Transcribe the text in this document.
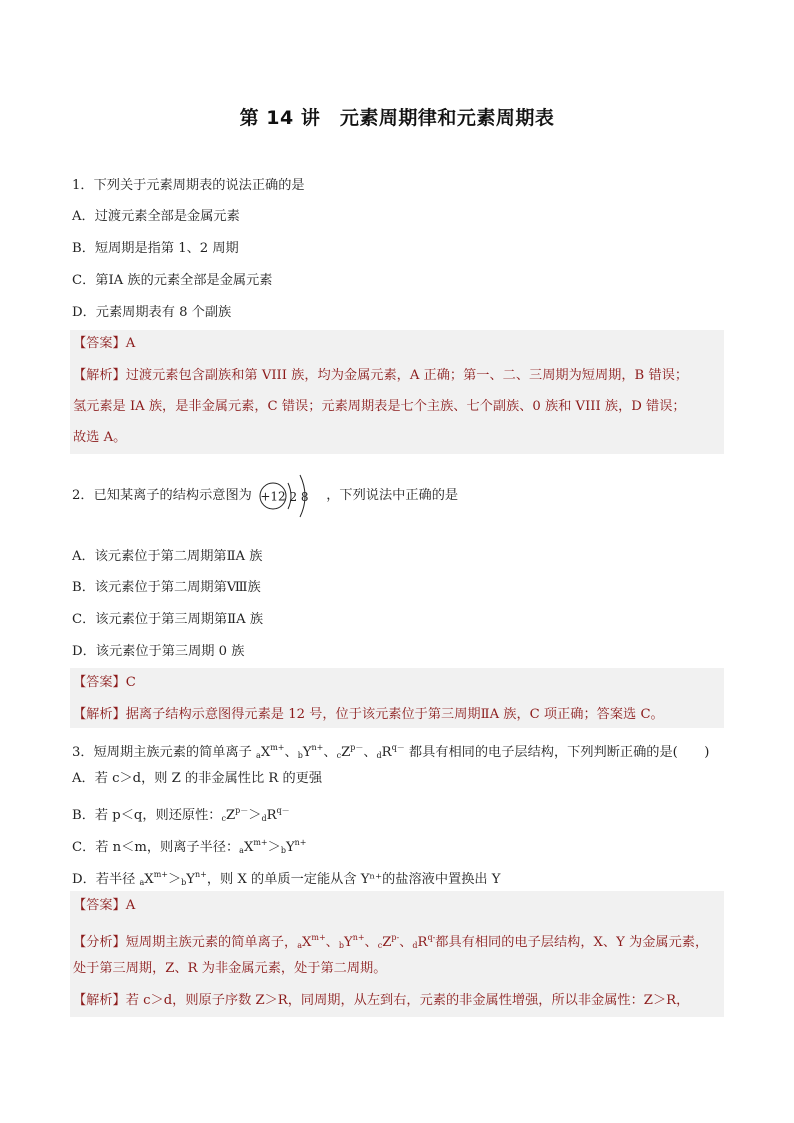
第 14 讲　元素周期律和元素周期表
1．下列关于元素周期表的说法正确的是
A．过渡元素全部是金属元素
B．短周期是指第 1、2 周期
C．第ⅠA 族的元素全部是金属元素
D．元素周期表有 8 个副族
【答案】A
【解析】过渡元素包含副族和第 VIII 族，均为金属元素，A 正确；第一、二、三周期为短周期，B 错误；
氢元素是 IA 族，是非金属元素，C 错误；元素周期表是七个主族、七个副族、0 族和 VIII 族，D 错误；
故选 A。
2．已知某离子的结构示意图为 +12 2 8 ，下列说法中正确的是
A．该元素位于第二周期第ⅡA 族
B．该元素位于第二周期第Ⅷ族
C．该元素位于第三周期第ⅡA 族
D．该元素位于第三周期 0 族
【答案】C
【解析】据离子结构示意图得元素是 12 号，位于该元素位于第三周期ⅡA 族，C 项正确；答案选 C。
3．短周期主族元素的简单离子 $_aX^{m+}$、$_bY^{n+}$、$_cZ^{p-}$、$_dR^{q-}$ 都具有相同的电子层结构，下列判断正确的是(　　)
A．若 c＞d，则 Z 的非金属性比 R 的更强
B．若 p＜q，则还原性：$_cZ^{p-}>_dR^{q-}$
C．若 n＜m，则离子半径：$_aX^{m+}>_bY^{n+}$
D．若半径 $_aX^{m+}>_bY^{n+}$，则 X 的单质一定能从含 Yⁿ⁺的盐溶液中置换出 Y
【答案】A
【分析】短周期主族元素的简单离子，$_aX^{m+}$、$_bY^{n+}$、$_cZ^{p-}$、$_dR^{q-}$都具有相同的电子层结构，X、Y 为金属元素，
处于第三周期，Z、R 为非金属元素，处于第二周期。
【解析】若 c＞d，则原子序数 Z＞R，同周期，从左到右，元素的非金属性增强，所以非金属性：Z＞R，
